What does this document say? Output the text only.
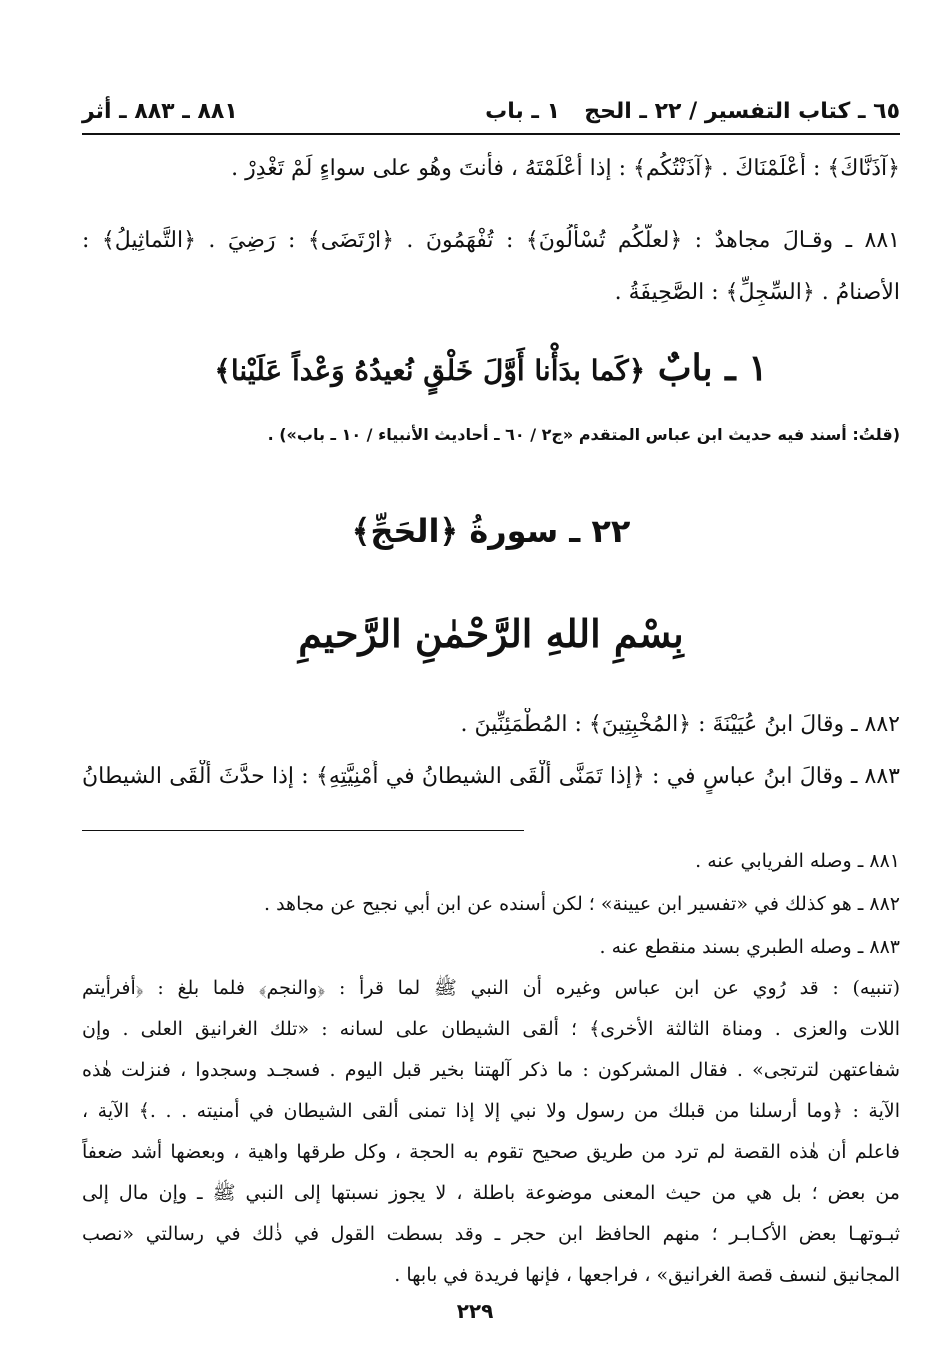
٦٥ ـ كتاب التفسير / ٢٢ ـ الحج
١ ـ باب
٨٨١ ـ ٨٨٣ ـ أثر
﴿آذَنَّاكَ﴾ : أَعْلَمْنَاكَ . ﴿آذَنْتُكُم﴾ : إذا أعْلَمْتَهُ ، فأنتَ وهُو على سواءٍ لَمْ تَغْدِرْ .
٨٨١ ـ وقـالَ مجاهدٌ : ﴿لعلَّكُم تُسْأَلُونَ﴾ : تُفْهَمُونَ . ﴿ارْتَضَى﴾ : رَضِيَ . ﴿التَّماثِيلُ﴾ :
الأصنامُ . ﴿السِّجِلِّ﴾ : الصَّحِيفَةُ .
١ ـ بابٌ ﴿كَما بدَأْنا أَوَّلَ خَلْقٍ نُعيدُهُ وَعْداً عَلَيْنا﴾
(قلتُ: أسند فيه حديث ابن عباس المتقدم «ج٢ / ٦٠ ـ أحاديث الأنبياء / ١٠ ـ باب») .
٢٢ ـ سورةُ ﴿الحَجِّ﴾
بِسْمِ اللهِ الرَّحْمٰنِ الرَّحيمِ
٨٨٢ ـ وقالَ ابنُ عُيَيْنَةَ : ﴿المُخْبِتِينَ﴾ : المُطْمَئِنِّينَ .
٨٨٣ ـ وقالَ ابنُ عباسٍ في : ﴿إذا تَمَنَّى أَلْقَى الشيطانُ في أُمْنِيَّتِهِ﴾ : إذا حدَّثَ أَلْقَى الشيطانُ
٨٨١ ـ وصله الفريابي عنه .
٨٨٢ ـ هو كذلك في «تفسير ابن عيينة» ؛ لكن أسنده عن ابن أبي نجيح عن مجاهد .
٨٨٣ ـ وصله الطبري بسند منقطع عنه .
(تنبيه) : قد رُوي عن ابن عباس وغيره أن النبي ﷺ لما قرأ : ﴿والنجم﴾ فلما بلغ : ﴿أفرأيتم
اللات والعزى . ومناة الثالثة الأخرى﴾ ؛ ألقى الشيطان على لسانه : «تلك الغرانيق العلى . وإن
شفاعتهن لترتجى» . فقال المشركون : ما ذكر آلهتنا بخير قبل اليوم . فسجـد وسجدوا ، فنزلت هٰذه
الآية : ﴿وما أرسلنا من قبلك من رسول ولا نبي إلا إذا تمنى ألقى الشيطان في أمنيته . . .﴾ الآية ،
فاعلم أن هٰذه القصة لم ترد من طريق صحيح تقوم به الحجة ، وكل طرقها واهية ، وبعضها أشد ضعفاً
من بعض ؛ بل هي من حيث المعنى موضوعة باطلة ، لا يجوز نسبتها إلى النبي ﷺ ـ وإن مال إلى
ثبـوتهـا بعض الأكـابـر ؛ منهم الحافظ ابن حجر ـ وقد بسطت القول في ذٰلك في رسالتي «نصب
المجانيق لنسف قصة الغرانيق» ، فراجعها ، فإنها فريدة في بابها .
٢٢٩
